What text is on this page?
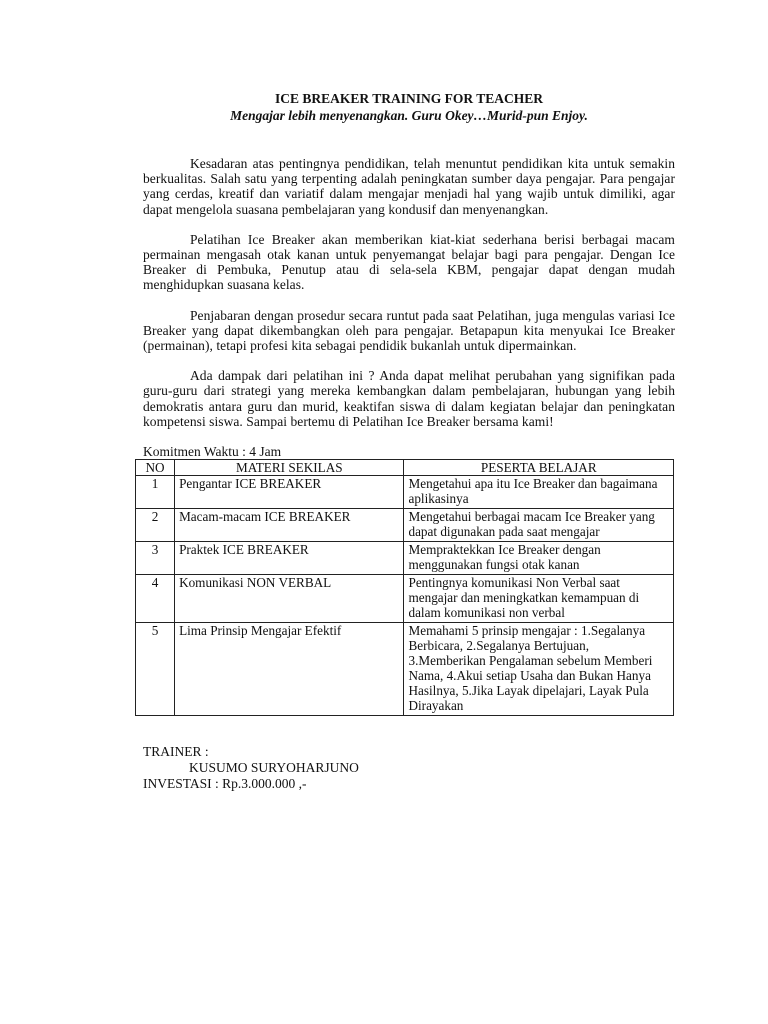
ICE BREAKER TRAINING FOR TEACHER

Mengajar lebih menyenangkan. Guru Okey…Murid-pun Enjoy.

Kesadaran atas pentingnya pendidikan, telah menuntut pendidikan kita untuk semakin berkualitas. Salah satu yang terpenting adalah peningkatan sumber daya pengajar. Para pengajar yang cerdas, kreatif dan variatif dalam mengajar menjadi hal yang wajib untuk dimiliki, agar dapat mengelola suasana pembelajaran yang kondusif dan menyenangkan.

Pelatihan Ice Breaker akan memberikan kiat-kiat sederhana berisi berbagai macam permainan mengasah otak kanan untuk penyemangat belajar bagi para pengajar. Dengan Ice Breaker di Pembuka, Penutup atau di sela-sela KBM, pengajar dapat dengan mudah menghidupkan suasana kelas.

Penjabaran dengan prosedur secara runtut pada saat Pelatihan, juga mengulas variasi Ice Breaker yang dapat dikembangkan oleh para pengajar. Betapapun kita menyukai Ice Breaker (permainan), tetapi profesi kita sebagai pendidik bukanlah untuk dipermainkan.

Ada dampak dari pelatihan ini ? Anda dapat melihat perubahan yang signifikan pada guru-guru dari strategi yang mereka kembangkan dalam pembelajaran, hubungan yang lebih demokratis antara guru dan murid, keaktifan siswa di dalam kegiatan belajar dan peningkatan kompetensi siswa. Sampai bertemu di Pelatihan Ice Breaker bersama kami!

Komitmen Waktu : 4 Jam

NO	MATERI SEKILAS	PESERTA BELAJAR
1	Pengantar ICE BREAKER	Mengetahui apa itu Ice Breaker dan bagaimana aplikasinya
2	Macam-macam ICE BREAKER	Mengetahui berbagai macam Ice Breaker yang dapat digunakan pada saat mengajar
3	Praktek ICE BREAKER	Mempraktekkan Ice Breaker dengan menggunakan fungsi otak kanan
4	Komunikasi NON VERBAL	Pentingnya komunikasi Non Verbal saat mengajar dan meningkatkan kemampuan di dalam komunikasi non verbal
5	Lima Prinsip Mengajar Efektif	Memahami 5 prinsip mengajar : 1.Segalanya Berbicara, 2.Segalanya Bertujuan, 3.Memberikan Pengalaman sebelum Memberi Nama, 4.Akui setiap Usaha dan Bukan Hanya Hasilnya, 5.Jika Layak dipelajari, Layak Pula Dirayakan
TRAINER :
KUSUMO SURYOHARJUNO
INVESTASI : Rp.3.000.000 ,-
